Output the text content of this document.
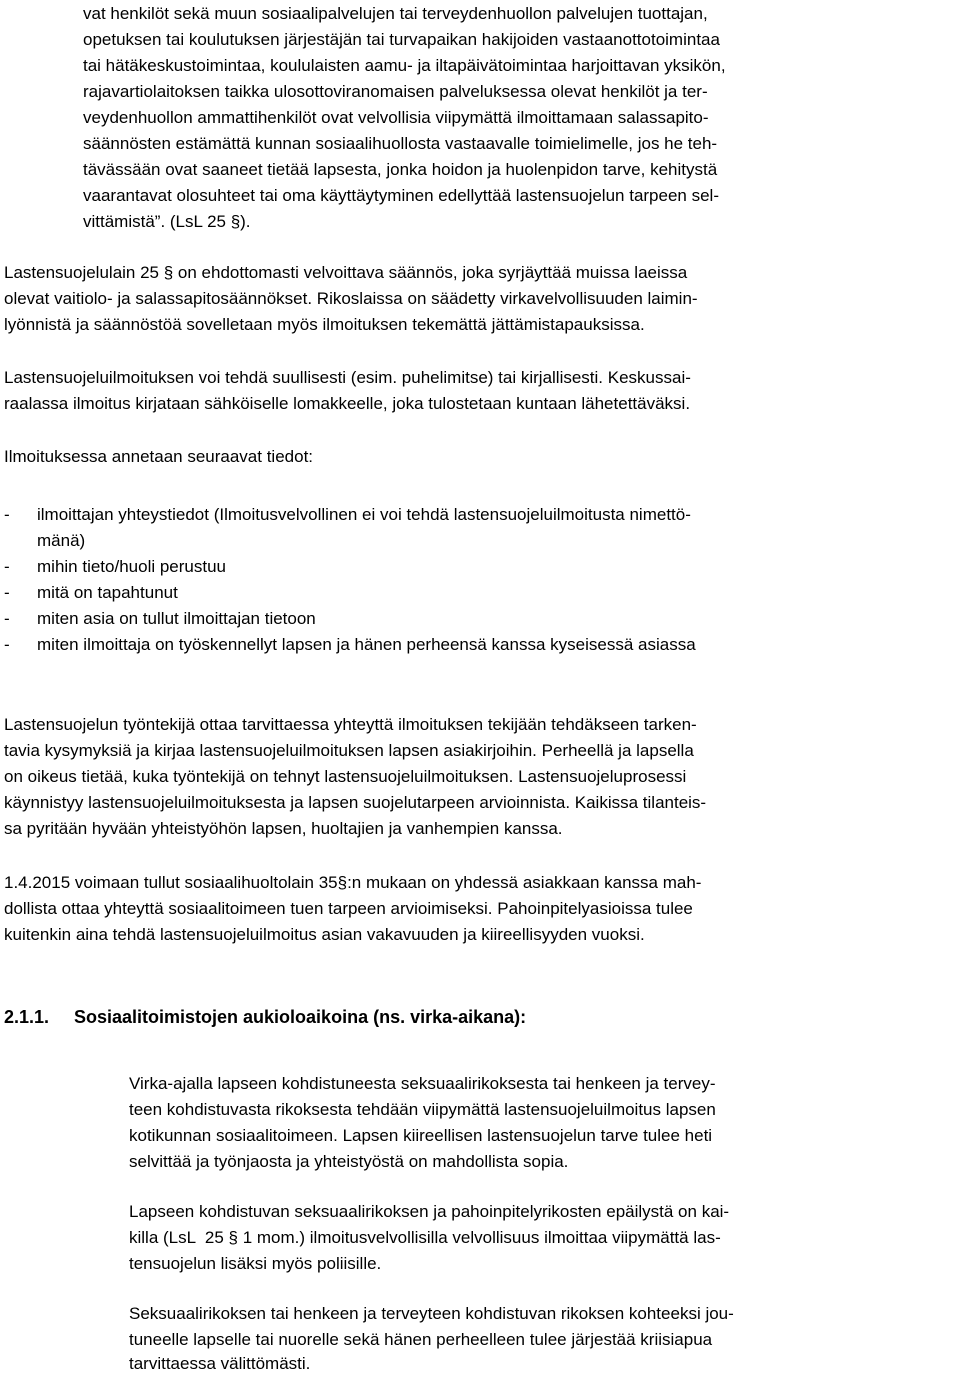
vat henkilöt sekä muun sosiaalipalvelujen tai terveydenhuollon palvelujen tuottajan,
opetuksen tai koulutuksen järjestäjän tai turvapaikan hakijoiden vastaanottotoimintaa
tai hätäkeskustoimintaa, koululaisten aamu- ja iltapäivätoimintaa harjoittavan yksikön,
rajavartiolaitoksen taikka ulosottoviranomaisen palveluksessa olevat henkilöt ja ter-
veydenhuollon ammattihenkilöt ovat velvollisia viipymättä ilmoittamaan salassapito-
säännösten estämättä kunnan sosiaalihuollosta vastaavalle toimielimelle, jos he teh-
tävässään ovat saaneet tietää lapsesta, jonka hoidon ja huolenpidon tarve, kehitystä
vaarantavat olosuhteet tai oma käyttäytyminen edellyttää lastensuojelun tarpeen sel-
vittämistä”. (LsL 25 §).
Lastensuojelulain 25 § on ehdottomasti velvoittava säännös, joka syrjäyttää muissa laeissa
olevat vaitiolo- ja salassapitosäännökset. Rikoslaissa on säädetty virkavelvollisuuden laimin-
lyönnistä ja säännöstöä sovelletaan myös ilmoituksen tekemättä jättämistapauksissa.
Lastensuojeluilmoituksen voi tehdä suullisesti (esim. puhelimitse) tai kirjallisesti. Keskussai-
raalassa ilmoitus kirjataan sähköiselle lomakkeelle, joka tulostetaan kuntaan lähetettäväksi.
Ilmoituksessa annetaan seuraavat tiedot:
- ilmoittajan yhteystiedot (Ilmoitusvelvollinen ei voi tehdä lastensuojeluilmoitusta nimettö-
mänä)
- mihin tieto/huoli perustuu
- mitä on tapahtunut
- miten asia on tullut ilmoittajan tietoon
- miten ilmoittaja on työskennellyt lapsen ja hänen perheensä kanssa kyseisessä asiassa
Lastensuojelun työntekijä ottaa tarvittaessa yhteyttä ilmoituksen tekijään tehdäkseen tarken-
tavia kysymyksiä ja kirjaa lastensuojeluilmoituksen lapsen asiakirjoihin. Perheellä ja lapsella
on oikeus tietää, kuka työntekijä on tehnyt lastensuojeluilmoituksen. Lastensuojeluprosessi
käynnistyy lastensuojeluilmoituksesta ja lapsen suojelutarpeen arvioinnista. Kaikissa tilanteis-
sa pyritään hyvään yhteistyöhön lapsen, huoltajien ja vanhempien kanssa.
1.4.2015 voimaan tullut sosiaalihuoltolain 35§:n mukaan on yhdessä asiakkaan kanssa mah-
dollista ottaa yhteyttä sosiaalitoimeen tuen tarpeen arvioimiseksi. Pahoinpitelyasioissa tulee
kuitenkin aina tehdä lastensuojeluilmoitus asian vakavuuden ja kiireellisyyden vuoksi.
2.1.1. Sosiaalitoimistojen aukioloaikoina (ns. virka-aikana):
Virka-ajalla lapseen kohdistuneesta seksuaalirikoksesta tai henkeen ja tervey-
teen kohdistuvasta rikoksesta tehdään viipymättä lastensuojeluilmoitus lapsen
kotikunnan sosiaalitoimeen. Lapsen kiireellisen lastensuojelun tarve tulee heti
selvittää ja työnjaosta ja yhteistyöstä on mahdollista sopia.
Lapseen kohdistuvan seksuaalirikoksen ja pahoinpitelyrikosten epäilystä on kai-
killa (LsL  25 § 1 mom.) ilmoitusvelvollisilla velvollisuus ilmoittaa viipymättä las-
tensuojelun lisäksi myös poliisille.
Seksuaalirikoksen tai henkeen ja terveyteen kohdistuvan rikoksen kohteeksi jou-
tuneelle lapselle tai nuorelle sekä hänen perheelleen tulee järjestää kriisiapua
tarvittaessa välittömästi.
